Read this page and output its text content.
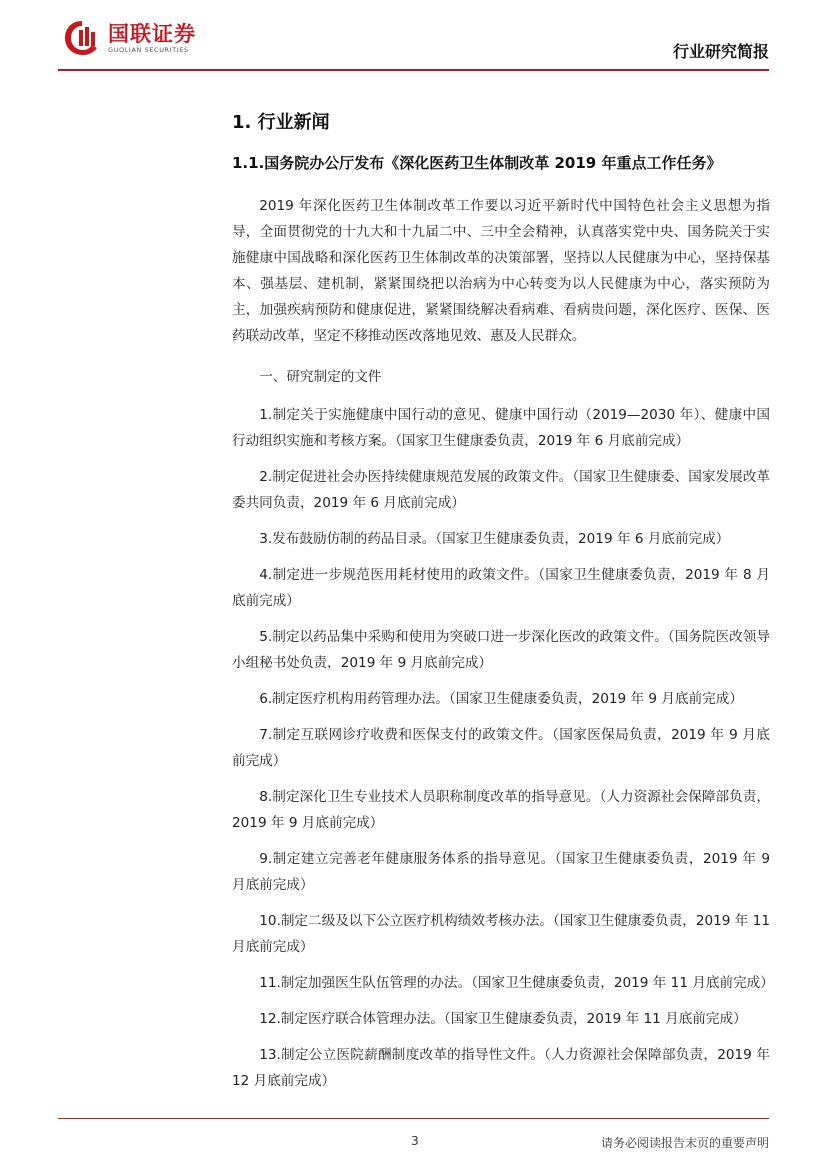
国联证券
GUOLIAN SECURITIES	行业研究简报
1. 行业新闻
1.1.国务院办公厅发布《深化医药卫生体制改革 2019 年重点工作任务》

2019 年深化医药卫生体制改革工作要以习近平新时代中国特色社会主义思想为指导，全面贯彻党的十九大和十九届二中、三中全会精神，认真落实党中央、国务院关于实施健康中国战略和深化医药卫生体制改革的决策部署，坚持以人民健康为中心，坚持保基本、强基层、建机制，紧紧围绕把以治病为中心转变为以人民健康为中心，落实预防为主，加强疾病预防和健康促进，紧紧围绕解决看病难、看病贵问题，深化医疗、医保、医药联动改革，坚定不移推动医改落地见效、惠及人民群众。

一、研究制定的文件

1.制定关于实施健康中国行动的意见、健康中国行动（2019—2030 年）、健康中国行动组织实施和考核方案。（国家卫生健康委负责，2019 年 6 月底前完成）

2.制定促进社会办医持续健康规范发展的政策文件。（国家卫生健康委、国家发展改革委共同负责，2019 年 6 月底前完成）

3.发布鼓励仿制的药品目录。（国家卫生健康委负责，2019 年 6 月底前完成）

4.制定进一步规范医用耗材使用的政策文件。（国家卫生健康委负责，2019 年 8 月底前完成）

5.制定以药品集中采购和使用为突破口进一步深化医改的政策文件。（国务院医改领导小组秘书处负责，2019 年 9 月底前完成）

6.制定医疗机构用药管理办法。（国家卫生健康委负责，2019 年 9 月底前完成）

7.制定互联网诊疗收费和医保支付的政策文件。（国家医保局负责，2019 年 9 月底前完成）

8.制定深化卫生专业技术人员职称制度改革的指导意见。（人力资源社会保障部负责，2019 年 9 月底前完成）

9.制定建立完善老年健康服务体系的指导意见。（国家卫生健康委负责，2019 年 9 月底前完成）

10.制定二级及以下公立医疗机构绩效考核办法。（国家卫生健康委负责，2019 年 11 月底前完成）

11.制定加强医生队伍管理的办法。（国家卫生健康委负责，2019 年 11 月底前完成）

12.制定医疗联合体管理办法。（国家卫生健康委负责，2019 年 11 月底前完成）

13.制定公立医院薪酬制度改革的指导性文件。（人力资源社会保障部负责，2019 年 12 月底前完成）

3	请务必阅读报告末页的重要声明
